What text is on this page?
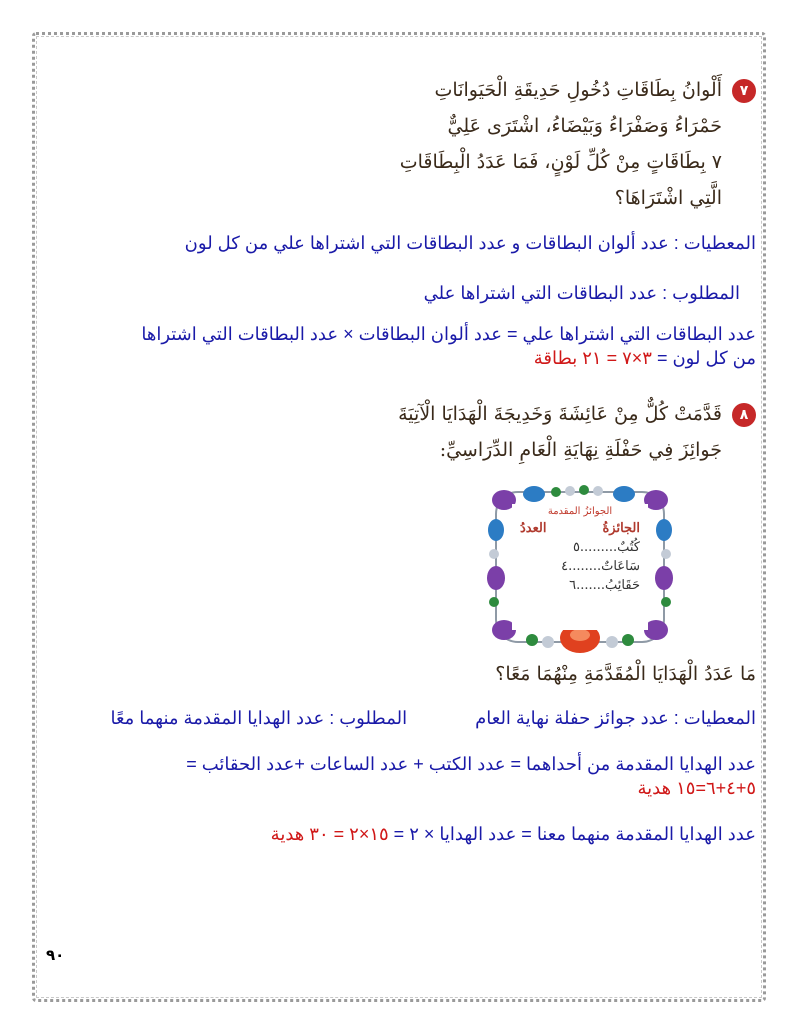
٧أَلْوانُ بِطَاقَاتِ دُخُولِ حَدِيقَةِ الْحَيَوانَاتِ
حَمْرَاءُ وَصَفْرَاءُ وَبَيْضَاءُ، اشْتَرَى عَلِيٌّ
٧ بِطَاقَاتٍ مِنْ كُلِّ لَوْنٍ، فَمَا عَدَدُ الْبِطَاقَاتِ
الَّتِي اشْتَرَاهَا؟
المعطيات : عدد ألوان البطاقات و عدد البطاقات التي اشتراها علي من كل لون
المطلوب : عدد البطاقات التي اشتراها علي
عدد البطاقات التي اشتراها علي = عدد ألوان البطاقات × عدد البطاقات التي اشتراها
من كل لون = ٣×٧ = ٢١ بطاقة
٨قَدَّمَتْ كُلٌّ مِنْ عَائِشَةَ وَخَدِيجَةَ الْهَدَايَا الْآتِيَةَ
جَوائِزَ فِي حَفْلَةِ نِهَايَةِ الْعَامِ الدِّرَاسِيِّ:
الجوائزُ المقدمة
الجائزةُ
العددُ
كُتُبٌ.........٥
سَاعَاتٌ........٤
حَقَائِبُ.......٦
مَا عَدَدُ الْهَدَايَا الْمُقَدَّمَةِ مِنْهُمَا مَعًا؟
المعطيات : عدد جوائز حفلة نهاية العام  المطلوب : عدد الهدايا المقدمة منهما معًا
عدد الهدايا المقدمة من أحداهما = عدد الكتب + عدد الساعات +عدد الحقائب =
٥+٤+٦=١٥ هدية
عدد الهدايا المقدمة منهما معنا = عدد الهدايا × ٢ = ١٥×٢ = ٣٠ هدية
٩٠
